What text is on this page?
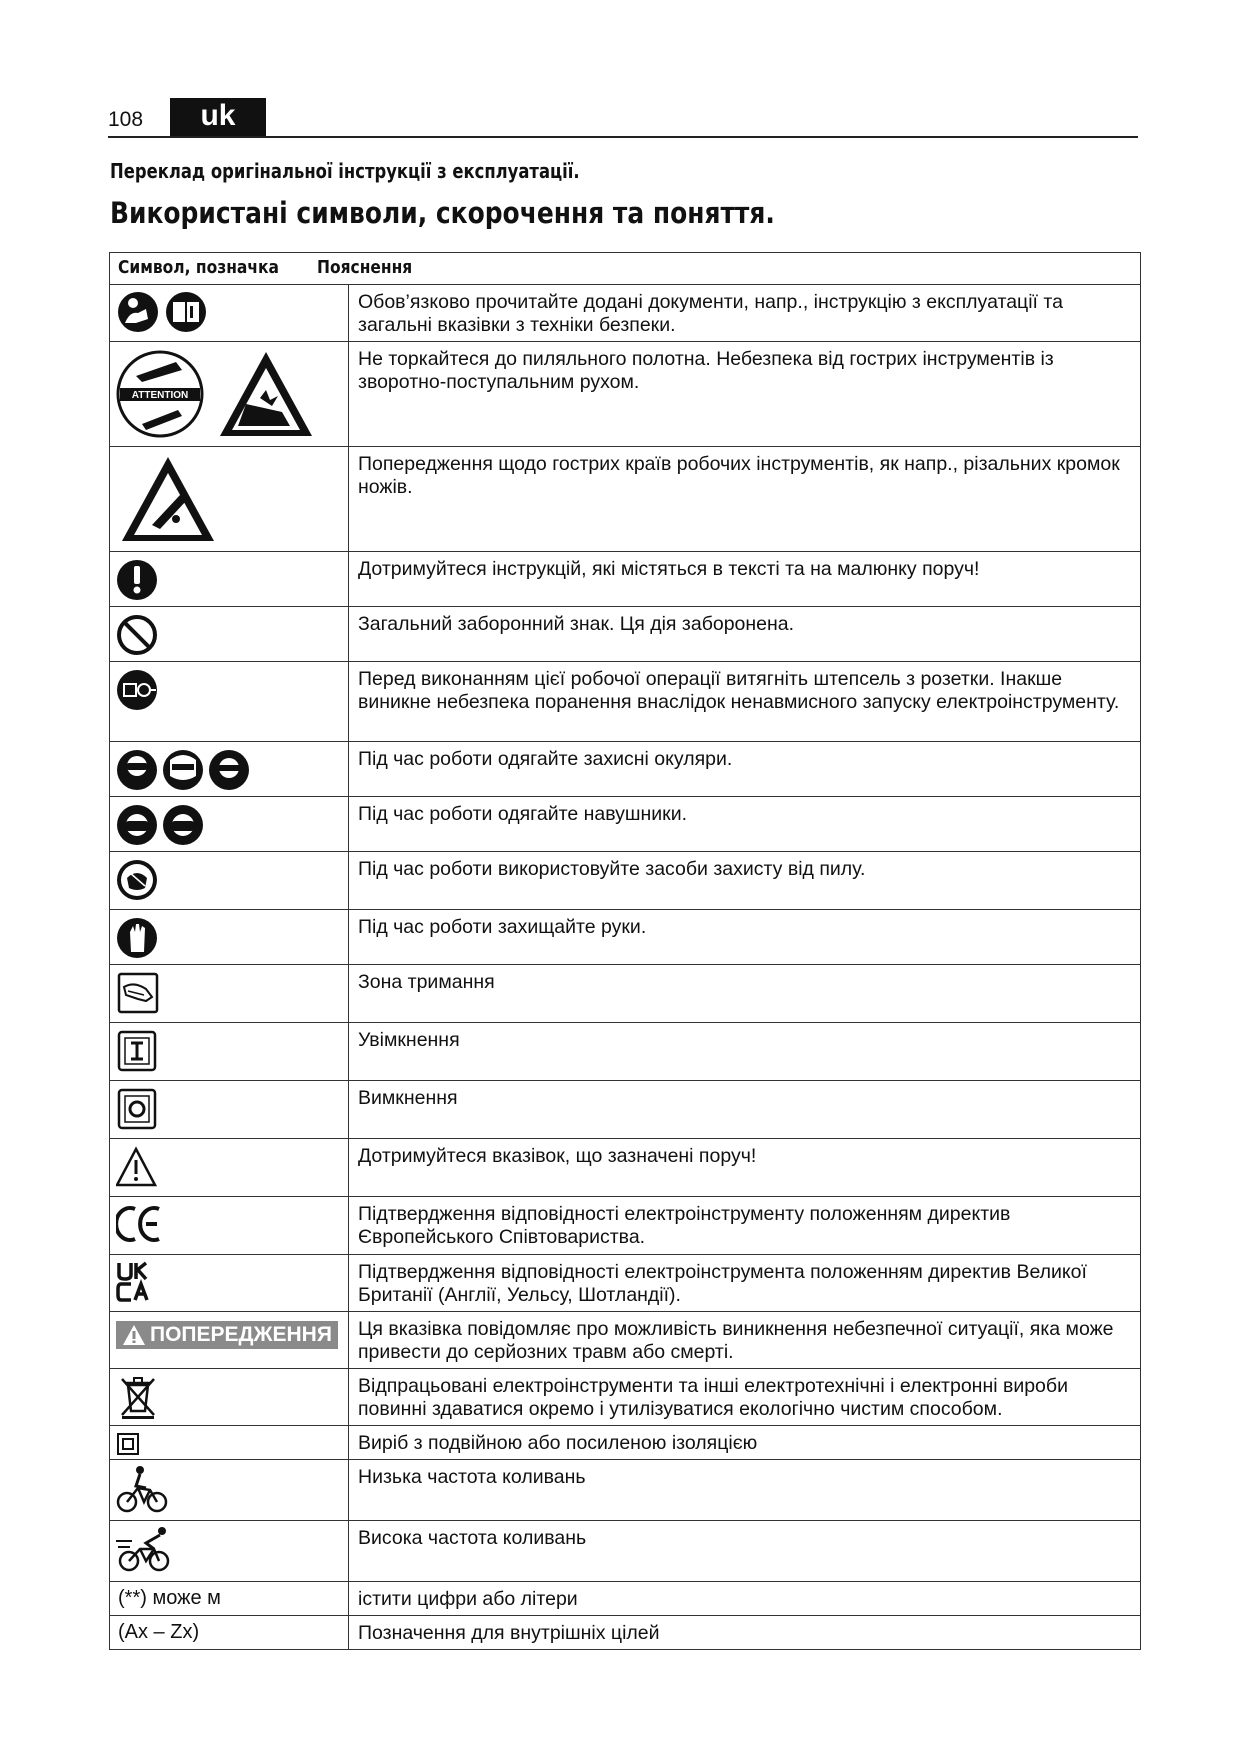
108	uk
Переклад оригінальної інструкції з експлуатації.
Використані символи, скорочення та поняття.
Символ, позначка Пояснення	

	Обов’язково прочитайте додані документи, напр., інструкцію з експлуатації та загальні вказівки з техніки безпеки.

ATTENTION	Не торкайтеся до пиляльного полотна. Небезпека від гострих інструментів із зворотно-поступальним рухом.

	Попередження щодо гострих країв робочих інструментів, як напр., різальних кромок ножів.

	Дотримуйтеся інструкцій, які містяться в тексті та на малюнку поруч!

	Загальний заборонний знак. Ця дія заборонена.

	Перед виконанням цієї робочої операції витягніть штепсель з розетки. Інакше виникне небезпека поранення внаслідок ненавмисного запуску електроінструменту.

	Під час роботи одягайте захисні окуляри.

	Під час роботи одягайте навушники.

	Під час роботи використовуйте засоби захисту від пилу.

	Під час роботи захищайте руки.

	Зона тримання

	Увімкнення

	Вимкнення

	Дотримуйтеся вказівок, що зазначені поруч!

	Підтвердження відповідності електроінструменту положенням директив Європейського Співтовариства.

	Підтвердження відповідності електроінструмента положенням директив Великої Британії (Англії, Уельсу, Шотландії).

ПОПЕРЕДЖЕННЯ	Ця вказівка повідомляє про можливість виникнення небезпечної ситуації, яка може привести до серйозних травм або смерті.

	Відпрацьовані електроінструменти та інші електротехнічні і електронні вироби повинні здаватися окремо і утилізуватися екологічно чистим способом.

	Виріб з подвійною або посиленою ізоляцією

	Низька частота коливань

	Висока частота коливань
(**) може м	істити цифри або літери
(Ax – Zx)	Позначення для внутрішніх цілей
